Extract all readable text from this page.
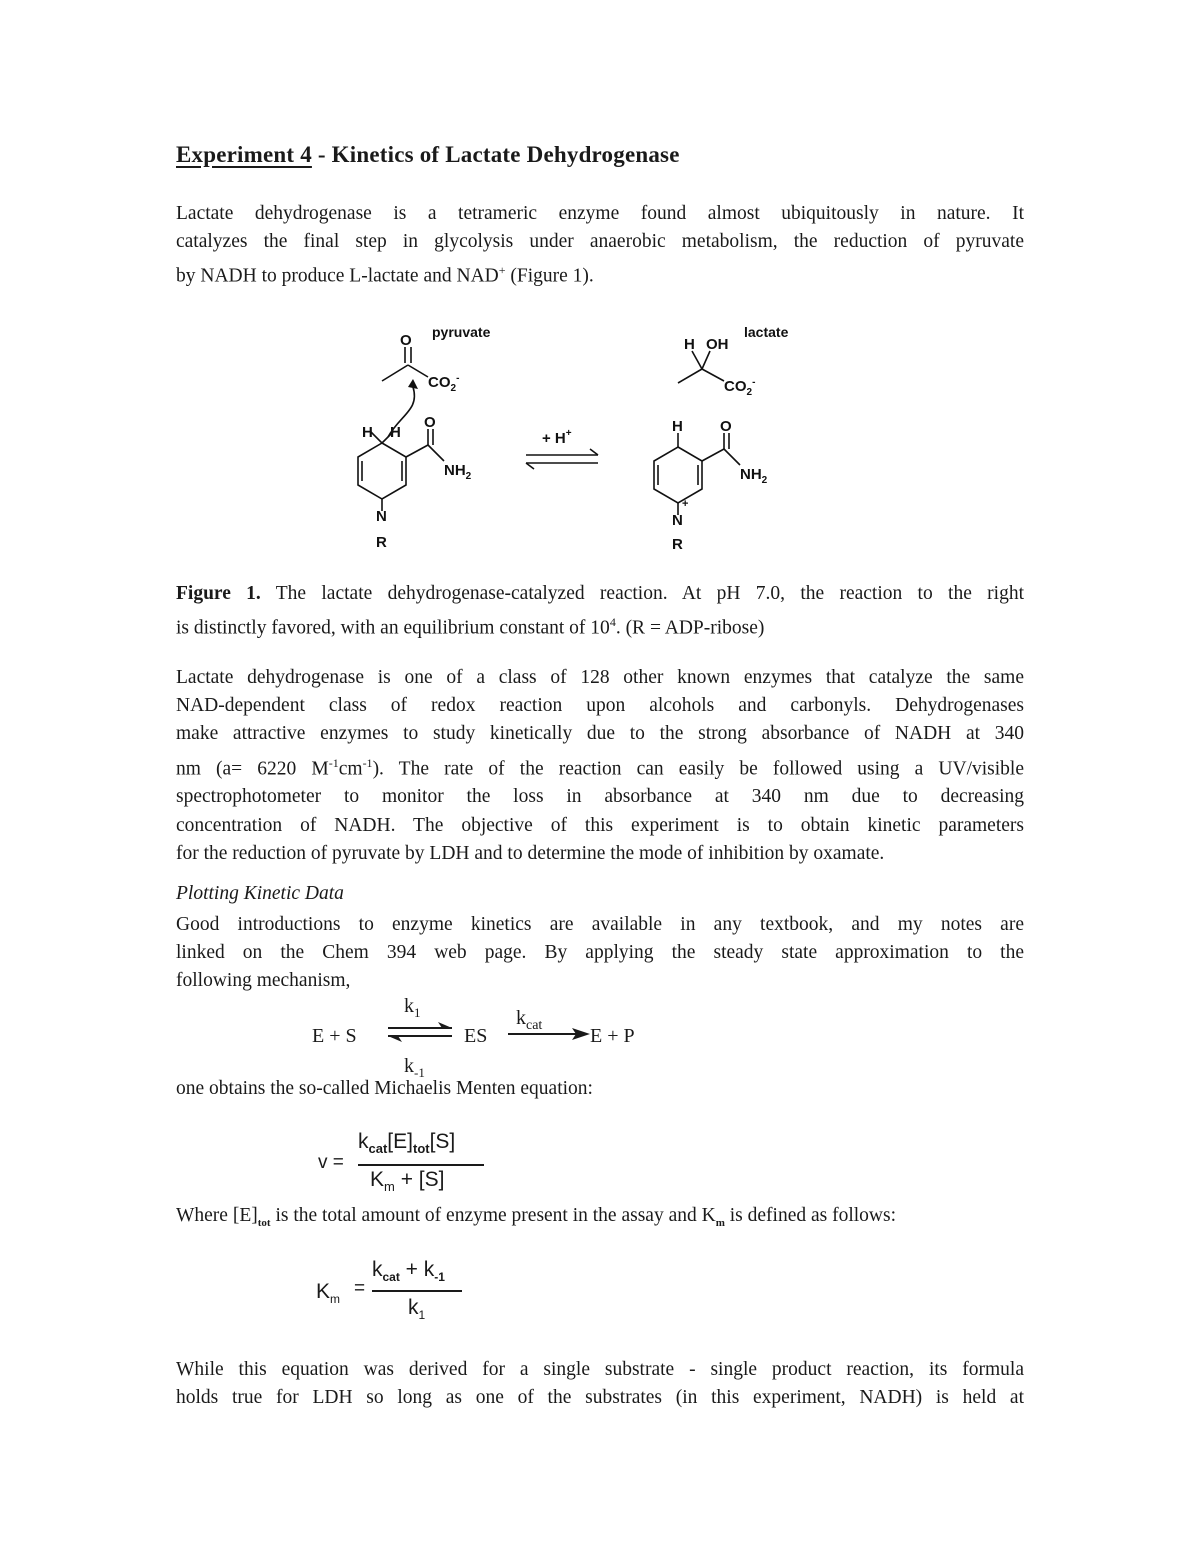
Experiment 4 - Kinetics of Lactate Dehydrogenase
Lactate dehydrogenase is a tetrameric enzyme found almost ubiquitously in nature. It
catalyzes the final step in glycolysis under anaerobic metabolism, the reduction of pyruvate
by NADH to produce L-lactate and NAD+ (Figure 1).
O pyruvate
$CO_2^-$
H H
O
$NH_2$
N
R
+ H+
lactate
H OH
$CO_2^-$
H O
$NH_2$
N
+
R
Figure 1. The lactate dehydrogenase-catalyzed reaction. At pH 7.0, the reaction to the right
is distinctly favored, with an equilibrium constant of $10^4$. (R = ADP-ribose)
Lactate dehydrogenase is one of a class of 128 other known enzymes that catalyze the same
NAD-dependent class of redox reaction upon alcohols and carbonyls. Dehydrogenases
make attractive enzymes to study kinetically due to the strong absorbance of NADH at 340
nm (a= 6220 $M^{-1}cm^{-1}$). The rate of the reaction can easily be followed using a UV/visible
spectrophotometer to monitor the loss in absorbance at 340 nm due to decreasing
concentration of NADH. The objective of this experiment is to obtain kinetic parameters
for the reduction of pyruvate by LDH and to determine the mode of inhibition by oxamate.
Plotting Kinetic Data
Good introductions to enzyme kinetics are available in any textbook, and my notes are
linked on the Chem 394 web page. By applying the steady state approximation to the
following mechanism,
E + S
$k_1$
$k_{-1}$
ES
$k_{cat}$ E + P
one obtains the so-called Michaelis Menten equation:
v =
$k_{cat}[E]_{tot}[S]$
$K_m + [S]$
Where $[E]_{tot}$ is the total amount of enzyme present in the assay and $K_m$ is defined as follows:
$K_m$
=
$k_{cat} + k_{-1}$
$k_1$
While this equation was derived for a single substrate - single product reaction, its formula
holds true for LDH so long as one of the substrates (in this experiment, NADH) is held at
